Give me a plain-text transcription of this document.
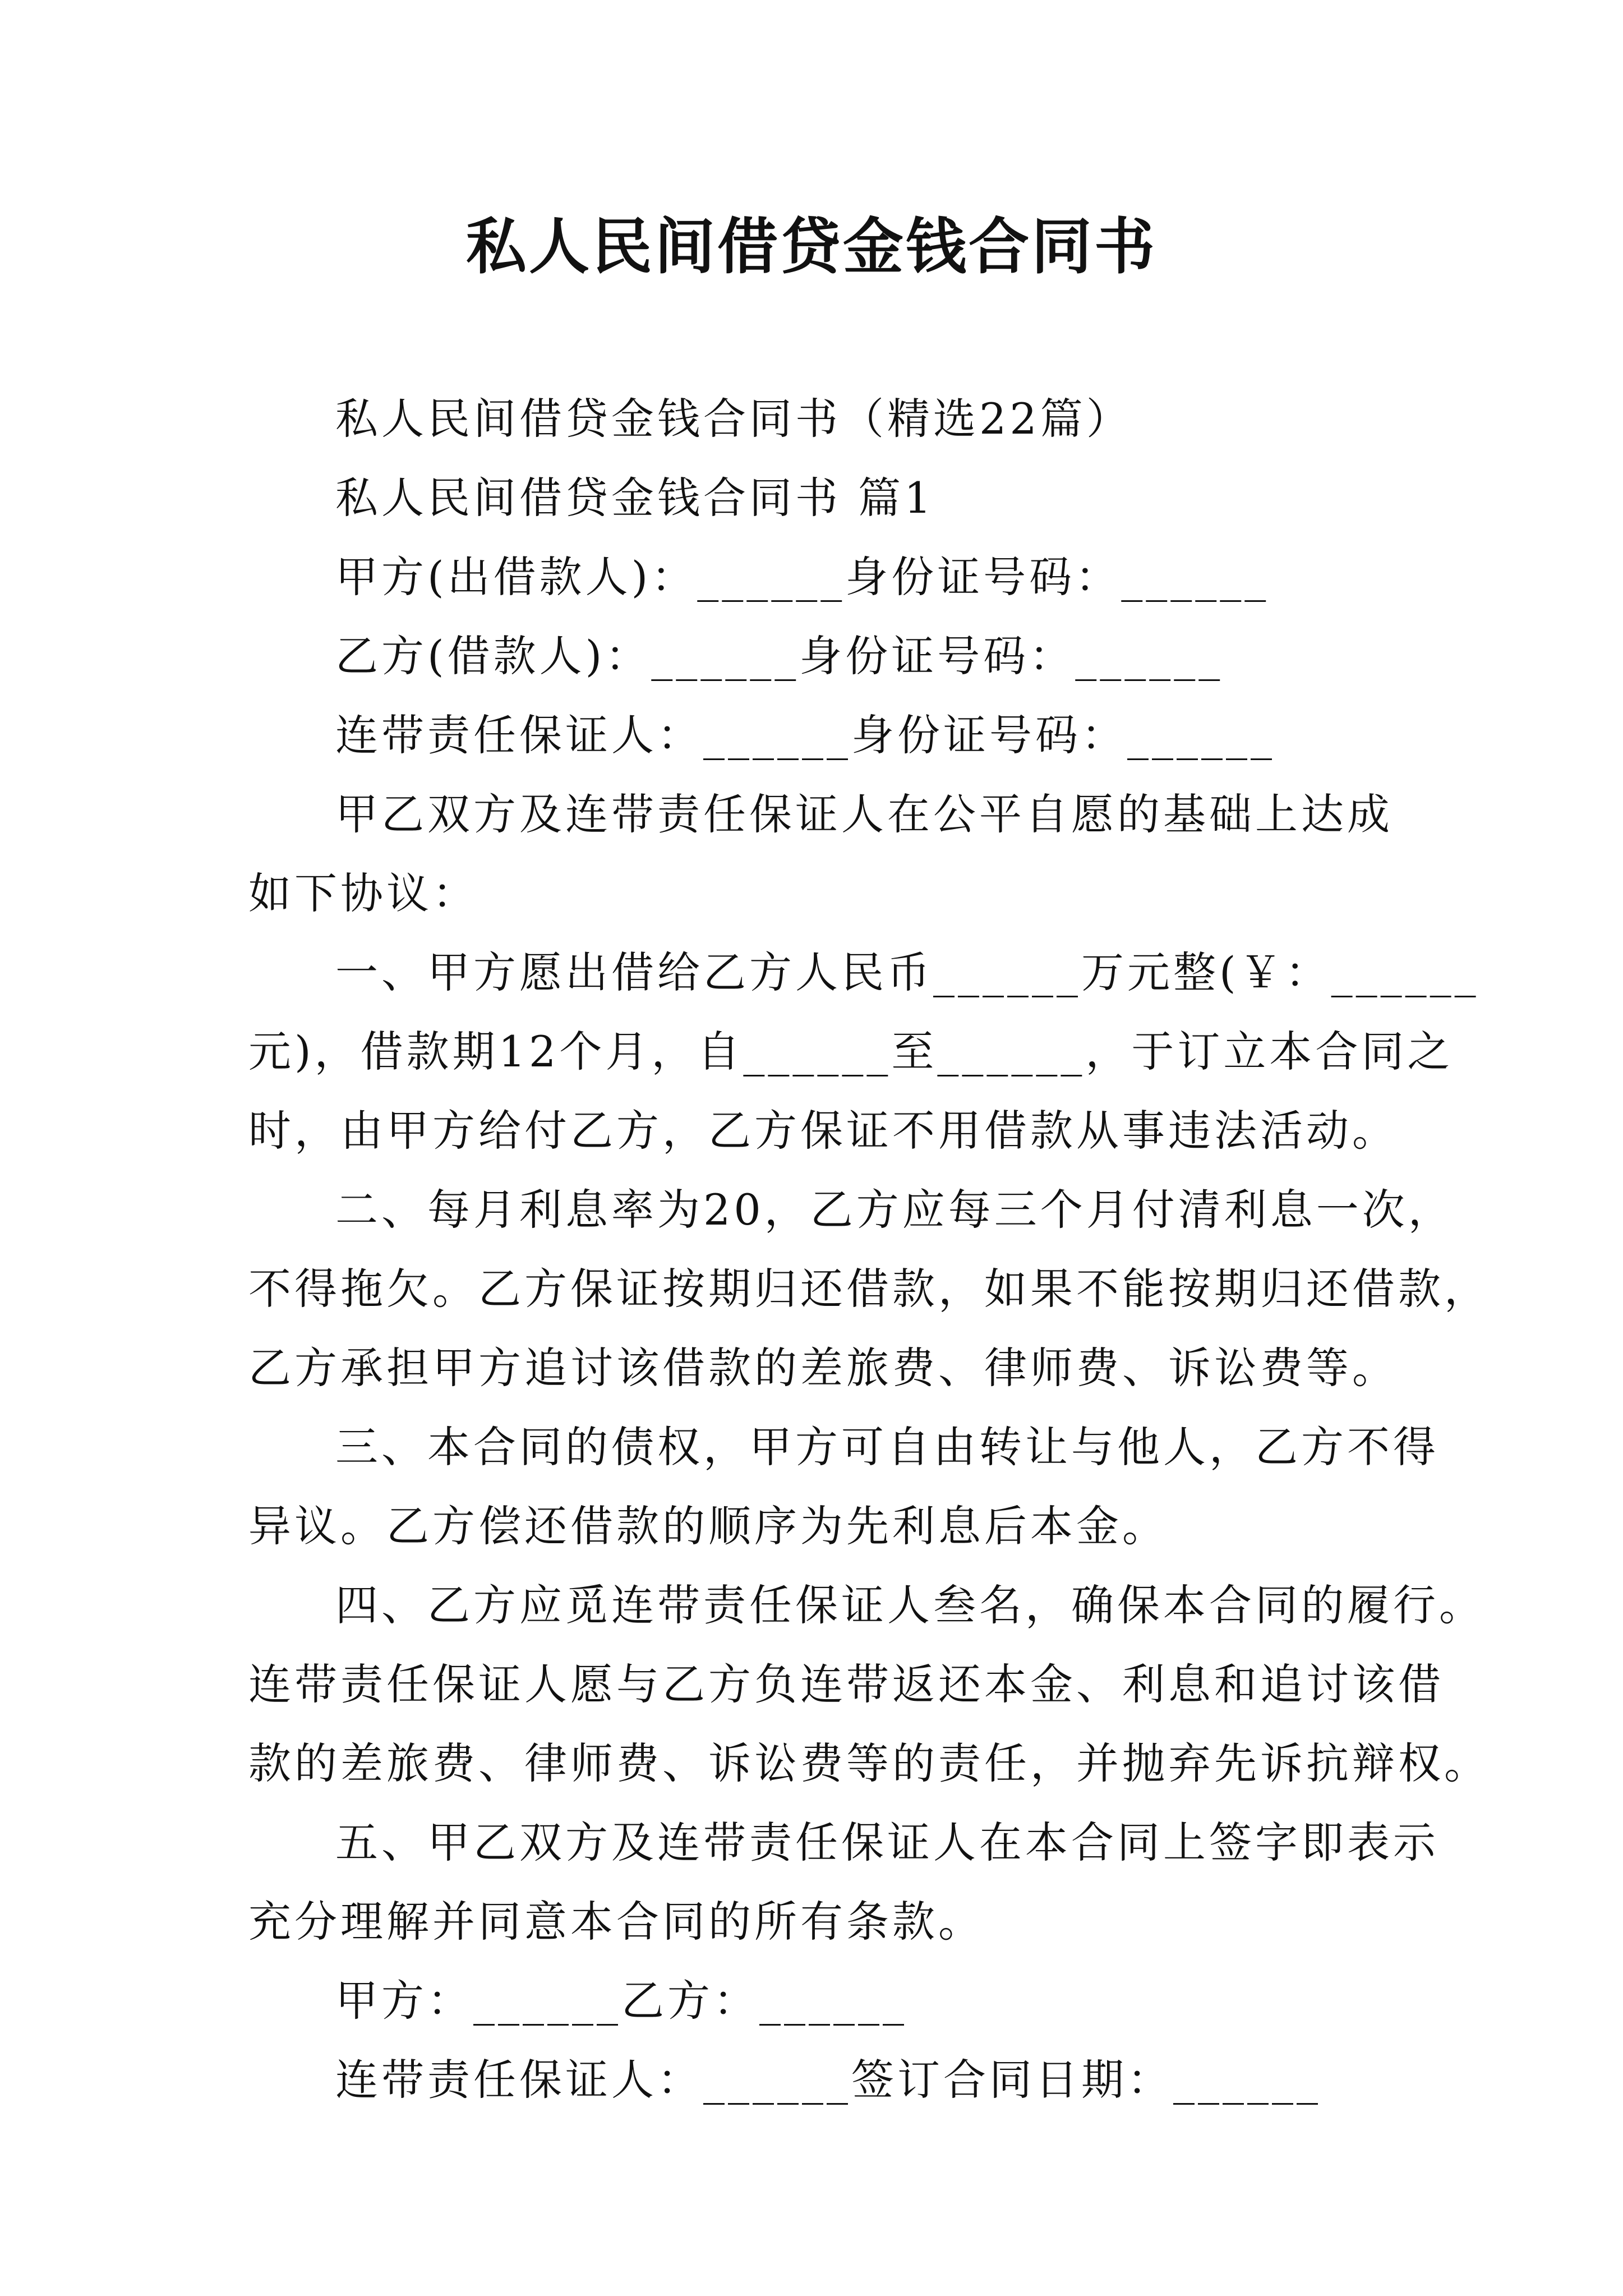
私人民间借贷金钱合同书
私人民间借贷金钱合同书（精选22篇）
私人民间借贷金钱合同书 篇1
甲方(出借款人)：______身份证号码：______
乙方(借款人)：______身份证号码：______
连带责任保证人：______身份证号码：______
甲乙双方及连带责任保证人在公平自愿的基础上达成
如下协议：
一、甲方愿出借给乙方人民币______万元整(￥：______
元)，借款期12个月，自______至______，于订立本合同之
时，由甲方给付乙方，乙方保证不用借款从事违法活动。
二、每月利息率为20，乙方应每三个月付清利息一次，
不得拖欠。乙方保证按期归还借款，如果不能按期归还借款，
乙方承担甲方追讨该借款的差旅费、律师费、诉讼费等。
三、本合同的债权，甲方可自由转让与他人，乙方不得
异议。乙方偿还借款的顺序为先利息后本金。
四、乙方应觅连带责任保证人叁名，确保本合同的履行。
连带责任保证人愿与乙方负连带返还本金、利息和追讨该借
款的差旅费、律师费、诉讼费等的责任，并抛弃先诉抗辩权。
五、甲乙双方及连带责任保证人在本合同上签字即表示
充分理解并同意本合同的所有条款。
甲方：______乙方：______
连带责任保证人：______签订合同日期：______
